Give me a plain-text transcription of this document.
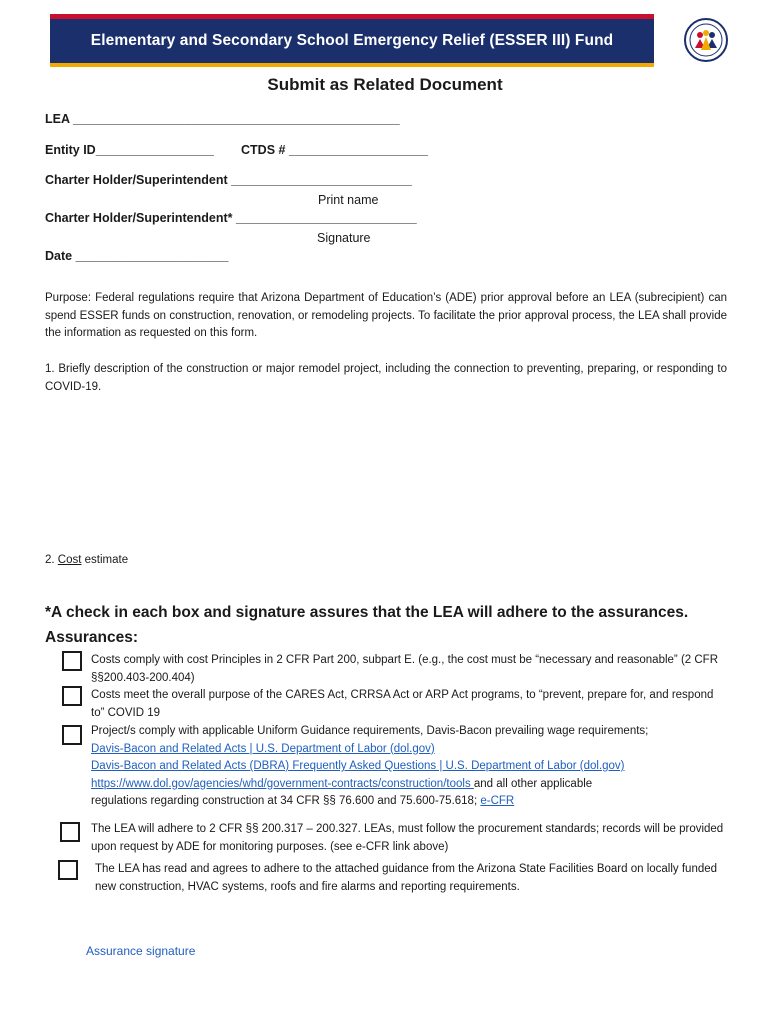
Elementary and Secondary School Emergency Relief (ESSER III) Fund
Submit as Related Document
LEA _______________________________________________
Entity ID_________________ CTDS # ____________________
Charter Holder/Superintendent __________________________
Print name
Charter Holder/Superintendent* __________________________
Signature
Date ______________________
Purpose: Federal regulations require that Arizona Department of Education’s (ADE) prior approval before an LEA (subrecipient) can spend ESSER funds on construction, renovation, or remodeling projects. To facilitate the prior approval process, the LEA shall provide the information as requested on this form.
1. Briefly description of the construction or major remodel project, including the connection to preventing, preparing, or responding to COVID-19.
2. Cost estimate
*A check in each box and signature assures that the LEA will adhere to the assurances.
Assurances:
Costs comply with cost Principles in 2 CFR Part 200, subpart E. (e.g., the cost must be “necessary and reasonable” (2 CFR §§200.403-200.404)
Costs meet the overall purpose of the CARES Act, CRRSA Act or ARP Act programs, to “prevent, prepare for, and respond to” COVID 19
Project/s comply with applicable Uniform Guidance requirements, Davis-Bacon prevailing wage requirements;
Davis-Bacon and Related Acts | U.S. Department of Labor (dol.gov)
Davis-Bacon and Related Acts (DBRA) Frequently Asked Questions | U.S. Department of Labor (dol.gov)
https://www.dol.gov/agencies/whd/government-contracts/construction/tools and all other applicable
regulations regarding construction at 34 CFR §§ 76.600 and 75.600-75.618; e-CFR
The LEA will adhere to 2 CFR §§ 200.317 – 200.327. LEAs, must follow the procurement standards; records will be provided upon request by ADE for monitoring purposes. (see e-CFR link above)
The LEA has read and agrees to adhere to the attached guidance from the Arizona State Facilities Board on locally funded new construction, HVAC systems, roofs and fire alarms and reporting requirements.
Assurance signature
